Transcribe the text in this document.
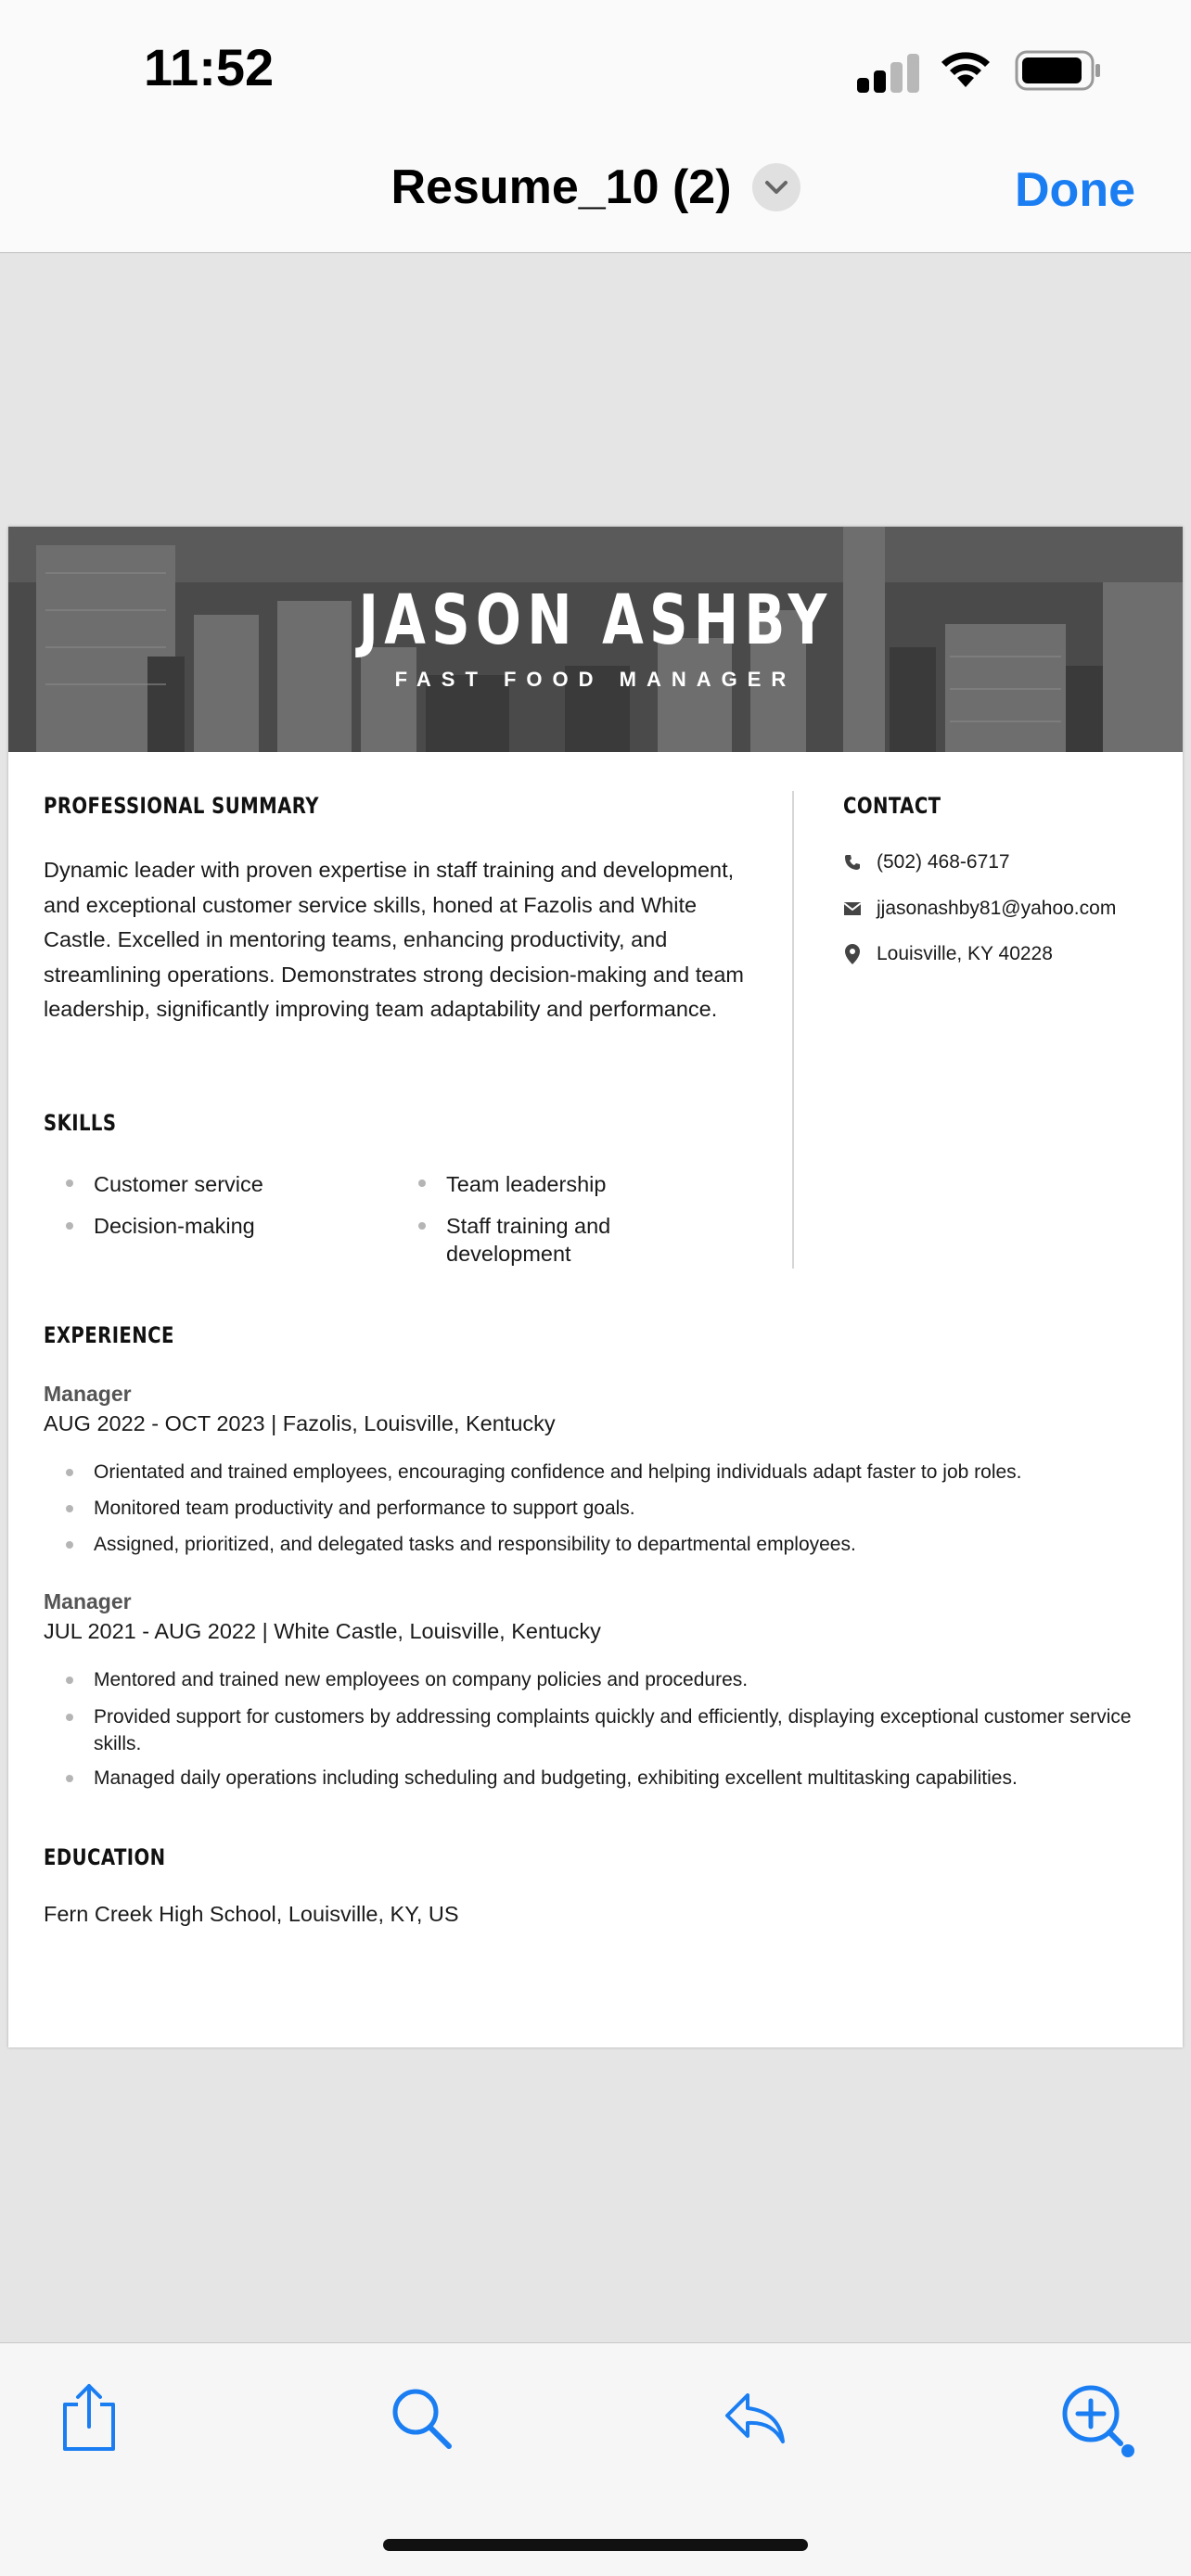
11:52
Resume_10 (2)	Done
JASON ASHBY
FAST FOOD MANAGER
PROFESSIONAL SUMMARY
Dynamic leader with proven expertise in staff training and development, and exceptional customer service skills, honed at Fazolis and White Castle. Excelled in mentoring teams, enhancing productivity, and streamlining operations. Demonstrates strong decision-making and team leadership, significantly improving team adaptability and performance.
SKILLS
Customer service	Team leadership
Decision-making	Staff training and development
CONTACT
(502) 468-6717
jjasonashby81@yahoo.com
Louisville, KY 40228
EXPERIENCE
Manager
AUG 2022 - OCT 2023 | Fazolis, Louisville, Kentucky
Orientated and trained employees, encouraging confidence and helping individuals adapt faster to job roles.
Monitored team productivity and performance to support goals.
Assigned, prioritized, and delegated tasks and responsibility to departmental employees.
Manager
JUL 2021 - AUG 2022 | White Castle, Louisville, Kentucky
Mentored and trained new employees on company policies and procedures.
Provided support for customers by addressing complaints quickly and efficiently, displaying exceptional customer service skills.
Managed daily operations including scheduling and budgeting, exhibiting excellent multitasking capabilities.
EDUCATION
Fern Creek High School, Louisville, KY, US
